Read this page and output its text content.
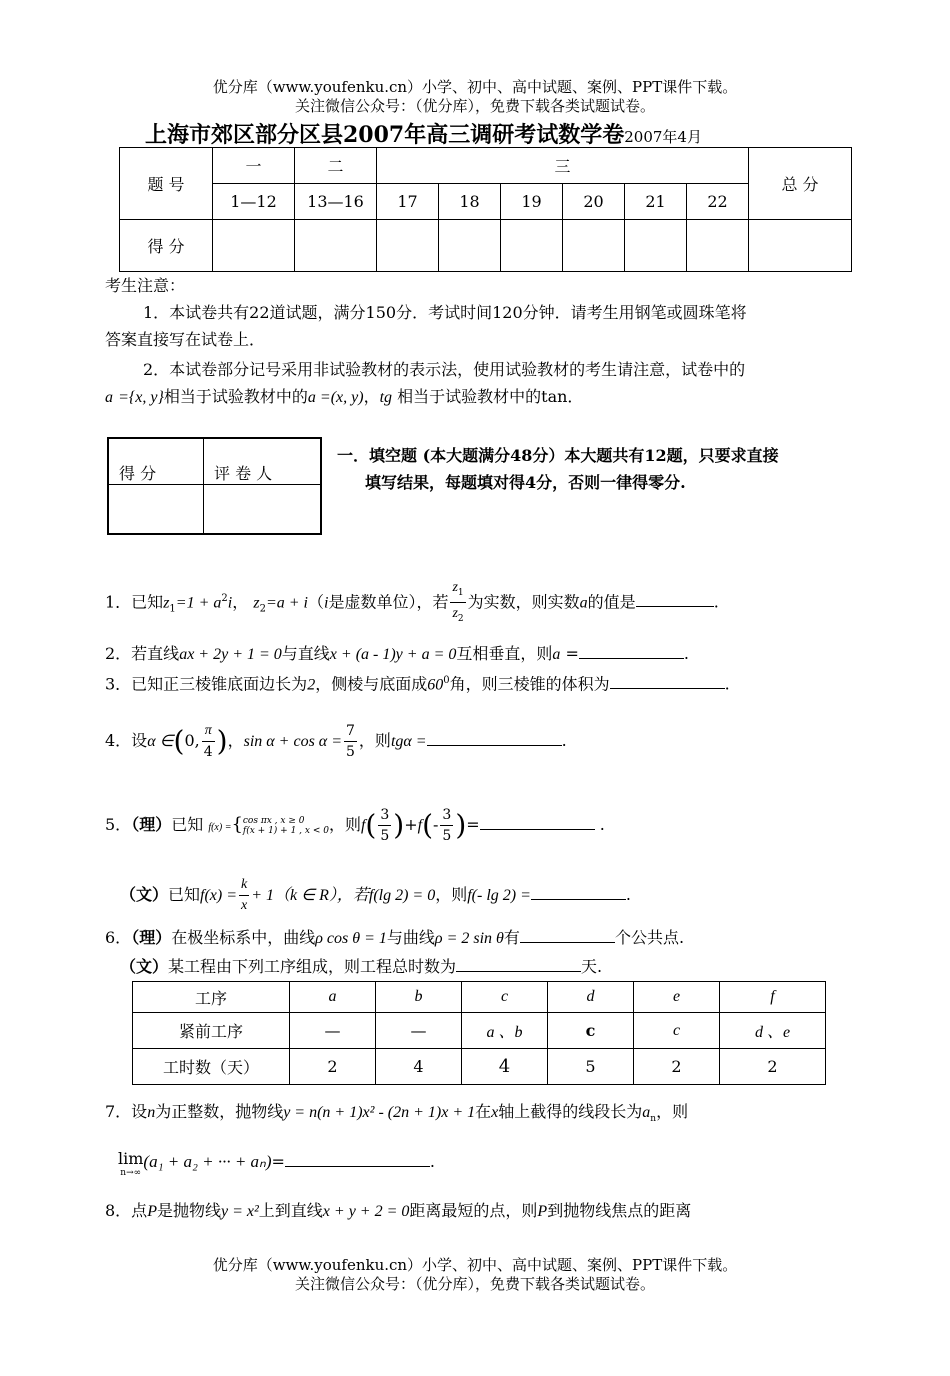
优分库（www.youfenku.cn）小学、初中、高中试题、案例、PPT课件下载。
关注微信公众号：（优分库），免费下载各类试题试卷。
上海市郊区部分区县2007年高三调研考试数学卷2007年4月
题 号	一	二	三						总 分
	1—12	13—16	17	18	19	20	21	22	
得 分									
考生注意：
1．本试卷共有22道试题，满分150分．考试时间120分钟．请考生用钢笔或圆珠笔将
答案直接写在试卷上．
2．本试卷部分记号采用非试验教材的表示法，使用试验教材的考生请注意，试卷中的
a ={x, y}相当于试验教材中的a =(x, y)，tg 相当于试验教材中的tan．
得 分	评 卷 人

一．填空题 (本大题满分48分）本大题共有12题，只要求直接
填写结果，每题填对得4分，否则一律得零分.
1．已知$z_1=1 + a^2i$， $z_2=a + i(i$是虚数单位），若 $\frac{z_1}{z_2}$ 为实数，则实数a的值是	.
2．若直线ax + 2y + 1 = 0与直线x + (a - 1)y + a = 0互相垂直，则a =	.
3．已知正三棱锥底面边长为2，侧棱与底面成$60^0$角，则三棱锥的体积为	.
4．设α ∈(0, $\frac{\pi}{4}$ )，$\sin \alpha + \cos \alpha = \frac{7}{5}$ ，则tgα =	.
5．（理）已知 f(x) ={ cos πx , x ≥ 0
f(x + 1) + 1 , x < 0 ，则$f( \frac{3}{5} )+f(- \frac{3}{5}$ )=	.
（文）已知$f(x) = \frac{k}{x} + 1(k$ ∈ R），若f(lg 2) = 0，则f(- lg 2) =	.
6．（理）在极坐标系中，曲线ρ cos θ = 1与曲线ρ = 2 sin θ有	个公共点.
（文）某工程由下列工序组成，则工程总时数为	天.
工序	a	b	c	d	e	f
紧前工序	—	—	a 、b	c	c	d 、e
工时数（天）	2	4	4	5	2	2
7．设n为正整数，抛物线y = n(n + 1)x² - (2n + 1)x + 1在x轴上截得的线段长为$a_n$，则
lim
n→∞
(a₁ + a₂ + ··· + aₙ)=	.
8．点P是抛物线y = x²上到直线x + y + 2 = 0距离最短的点，则P到抛物线焦点的距离
优分库（www.youfenku.cn）小学、初中、高中试题、案例、PPT课件下载。
关注微信公众号：（优分库），免费下载各类试题试卷。
